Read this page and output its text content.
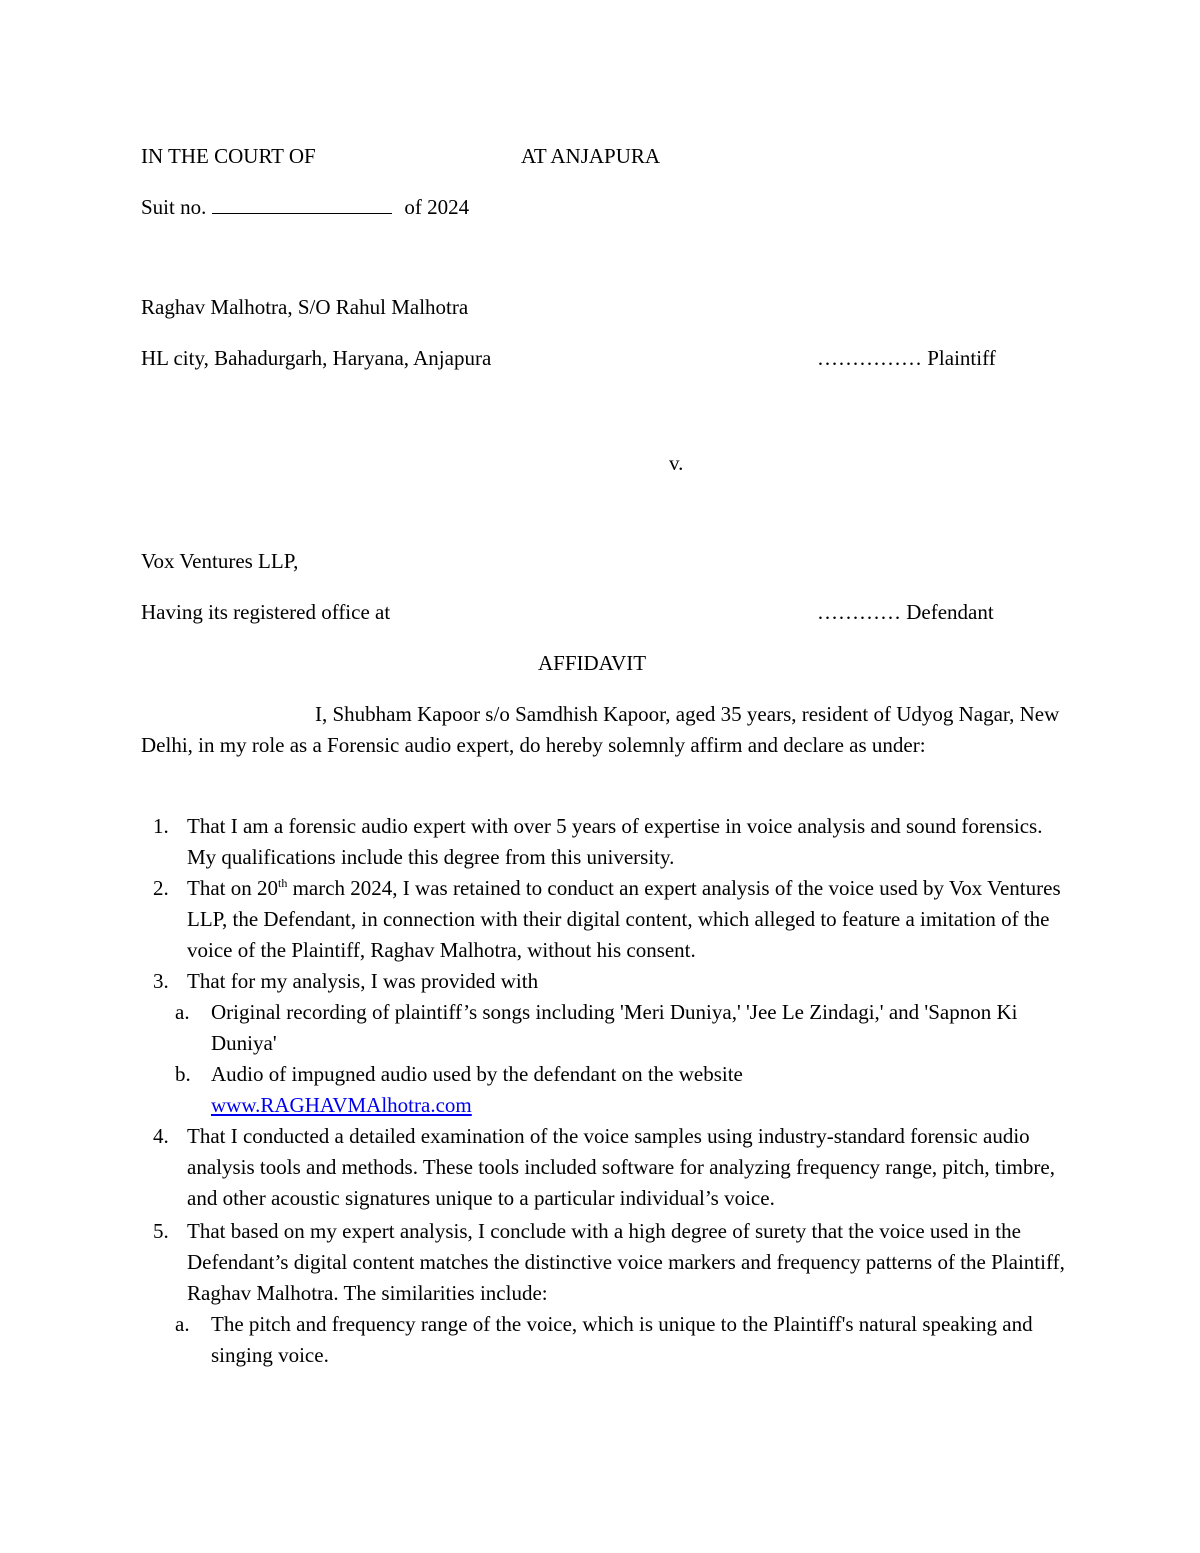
IN THE COURT OF	AT ANJAPURA
Suit no.	of 2024
Raghav Malhotra, S/O Rahul Malhotra
HL city, Bahadurgarh, Haryana, Anjapura	…………… Plaintiff
v.
Vox Ventures LLP,
Having its registered office at	………… Defendant
AFFIDAVIT
I, Shubham Kapoor s/o Samdhish Kapoor, aged 35 years, resident of Udyog Nagar, New Delhi, in my role as a Forensic audio expert, do hereby solemnly affirm and declare as under:
1. That I am a forensic audio expert with over 5 years of expertise in voice analysis and sound forensics. My qualifications include this degree from this university.
2. That on 20th march 2024, I was retained to conduct an expert analysis of the voice used by Vox Ventures LLP, the Defendant, in connection with their digital content, which alleged to feature a imitation of the voice of the Plaintiff, Raghav Malhotra, without his consent.
3. That for my analysis, I was provided with
a. Original recording of plaintiff’s songs including 'Meri Duniya,' 'Jee Le Zindagi,' and 'Sapnon Ki Duniya'
b. Audio of impugned audio used by the defendant on the website
www.RAGHAVMAlhotra.com
4. That I conducted a detailed examination of the voice samples using industry-standard forensic audio analysis tools and methods. These tools included software for analyzing frequency range, pitch, timbre, and other acoustic signatures unique to a particular individual’s voice.
5. That based on my expert analysis, I conclude with a high degree of surety that the voice used in the Defendant’s digital content matches the distinctive voice markers and frequency patterns of the Plaintiff, Raghav Malhotra. The similarities include:
a. The pitch and frequency range of the voice, which is unique to the Plaintiff's natural speaking and singing voice.
